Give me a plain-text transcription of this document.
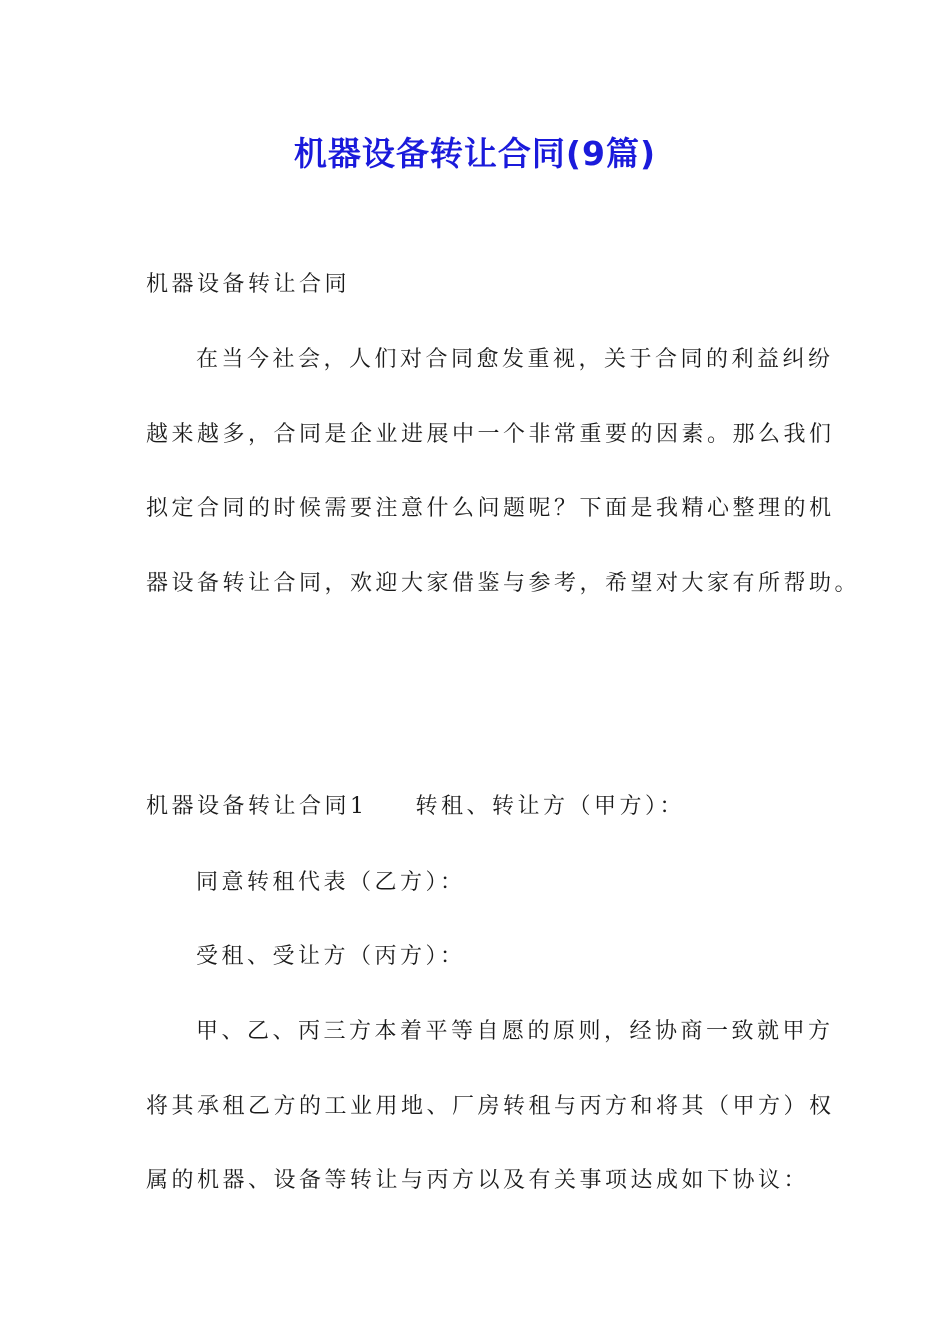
机器设备转让合同(9篇)
机器设备转让合同
在当今社会，人们对合同愈发重视，关于合同的利益纠纷
越来越多，合同是企业进展中一个非常重要的因素。那么我们
拟定合同的时候需要注意什么问题呢？下面是我精心整理的机
器设备转让合同，欢迎大家借鉴与参考，希望对大家有所帮助。
机器设备转让合同1 转租、转让方（甲方）：
同意转租代表（乙方）：
受租、受让方（丙方）：
甲、乙、丙三方本着平等自愿的原则，经协商一致就甲方
将其承租乙方的工业用地、厂房转租与丙方和将其（甲方）权
属的机器、设备等转让与丙方以及有关事项达成如下协议：
